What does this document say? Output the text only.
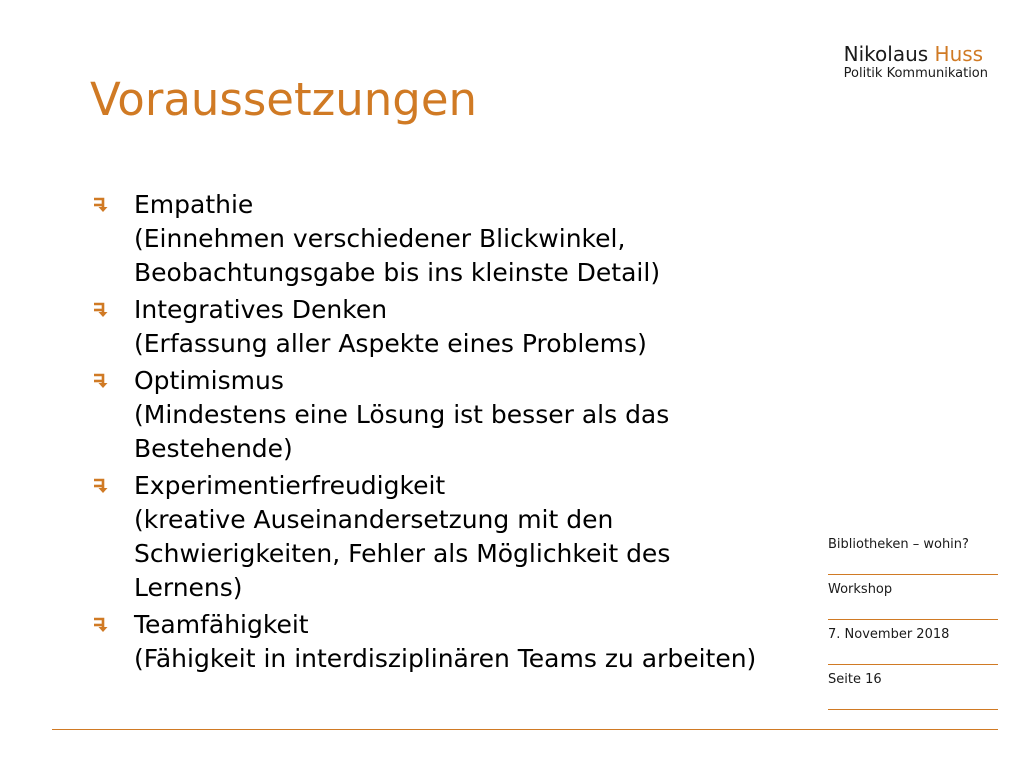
Nikolaus Huss
Politik Kommunikation
Voraussetzungen
Empathie
(Einnehmen verschiedener Blickwinkel, Beobachtungsgabe bis ins kleinste Detail)
Integratives Denken
(Erfassung aller Aspekte eines Problems)
Optimismus
(Mindestens eine Lösung ist besser als das Bestehende)
Experimentierfreudigkeit
(kreative Auseinandersetzung mit den Schwierigkeiten, Fehler als Möglichkeit des Lernens)
Teamfähigkeit
(Fähigkeit in interdisziplinären Teams zu arbeiten)
Bibliotheken – wohin?
Workshop
7. November 2018
Seite 16
